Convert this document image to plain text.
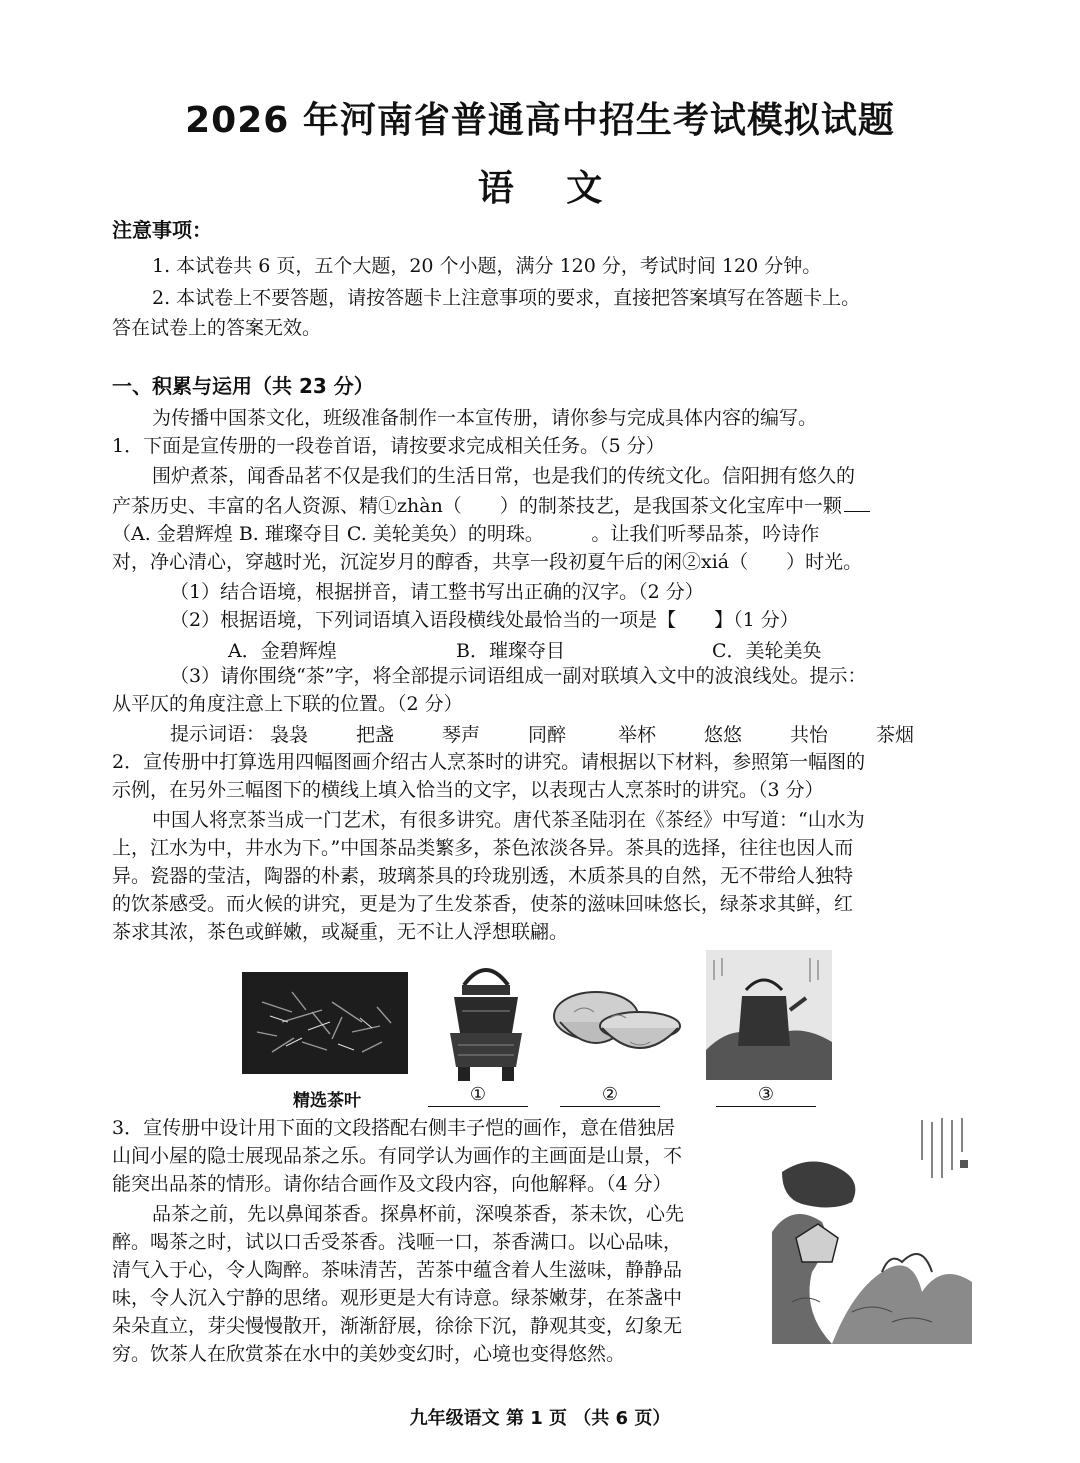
2026 年河南省普通高中招生考试模拟试题
语 文
注意事项：
1. 本试卷共 6 页，五个大题，20 个小题，满分 120 分，考试时间 120 分钟。
2. 本试卷上不要答题，请按答题卡上注意事项的要求，直接把答案填写在答题卡上。
答在试卷上的答案无效。
一、积累与运用（共 23 分）
为传播中国茶文化，班级准备制作一本宣传册，请你参与完成具体内容的编写。
1．下面是宣传册的一段卷首语，请按要求完成相关任务。（5 分）
围炉煮茶，闻香品茗不仅是我们的生活日常，也是我们的传统文化。信阳拥有悠久的
产茶历史、丰富的名人资源、精①zhàn（　　）的制茶技艺，是我国茶文化宝库中一颗
（A. 金碧辉煌 B. 璀璨夺目 C. 美轮美奂）的明珠。　　　。让我们听琴品茶，吟诗作
对，净心清心，穿越时光，沉淀岁月的醇香，共享一段初夏午后的闲②xiá（　　）时光。
（1）结合语境，根据拼音，请工整书写出正确的汉字。（2 分）
（2）根据语境，下列词语填入语段横线处最恰当的一项是【　　】（1 分）
A．金碧辉煌	B．璀璨夺目	C．美轮美奂
（3）请你围绕“茶”字，将全部提示词语组成一副对联填入文中的波浪线处。提示：
从平仄的角度注意上下联的位置。（2 分）
提示词语： 袅袅	把盏	琴声	同醉	举杯	悠悠	共怡	茶烟
2．宣传册中打算选用四幅图画介绍古人烹茶时的讲究。请根据以下材料，参照第一幅图的
示例，在另外三幅图下的横线上填入恰当的文字，以表现古人烹茶时的讲究。（3 分）
中国人将烹茶当成一门艺术，有很多讲究。唐代茶圣陆羽在《茶经》中写道：“山水为
上，江水为中，井水为下。”中国茶品类繁多，茶色浓淡各异。茶具的选择，往往也因人而
异。瓷器的莹洁，陶器的朴素，玻璃茶具的玲珑别透，木质茶具的自然，无不带给人独特
的饮茶感受。而火候的讲究，更是为了生发茶香，使茶的滋味回味悠长，绿茶求其鲜，红
茶求其浓，茶色或鲜嫩，或凝重，无不让人浮想联翩。
精选茶叶	①	②	③
3．宣传册中设计用下面的文段搭配右侧丰子恺的画作，意在借独居
山间小屋的隐士展现品茶之乐。有同学认为画作的主画面是山景，不
能突出品茶的情形。请你结合画作及文段内容，向他解释。（4 分）
品茶之前，先以鼻闻茶香。探鼻杯前，深嗅茶香，茶未饮，心先
醉。喝茶之时，试以口舌受茶香。浅咂一口，茶香满口。以心品味，
清气入于心，令人陶醉。茶味清苦，苦茶中蕴含着人生滋味，静静品
味，令人沉入宁静的思绪。观形更是大有诗意。绿茶嫩芽，在茶盏中
朵朵直立，芽尖慢慢散开，渐渐舒展，徐徐下沉，静观其变，幻象无
穷。饮茶人在欣赏茶在水中的美妙变幻时，心境也变得悠然。
九年级语文 第 1 页 （共 6 页）
